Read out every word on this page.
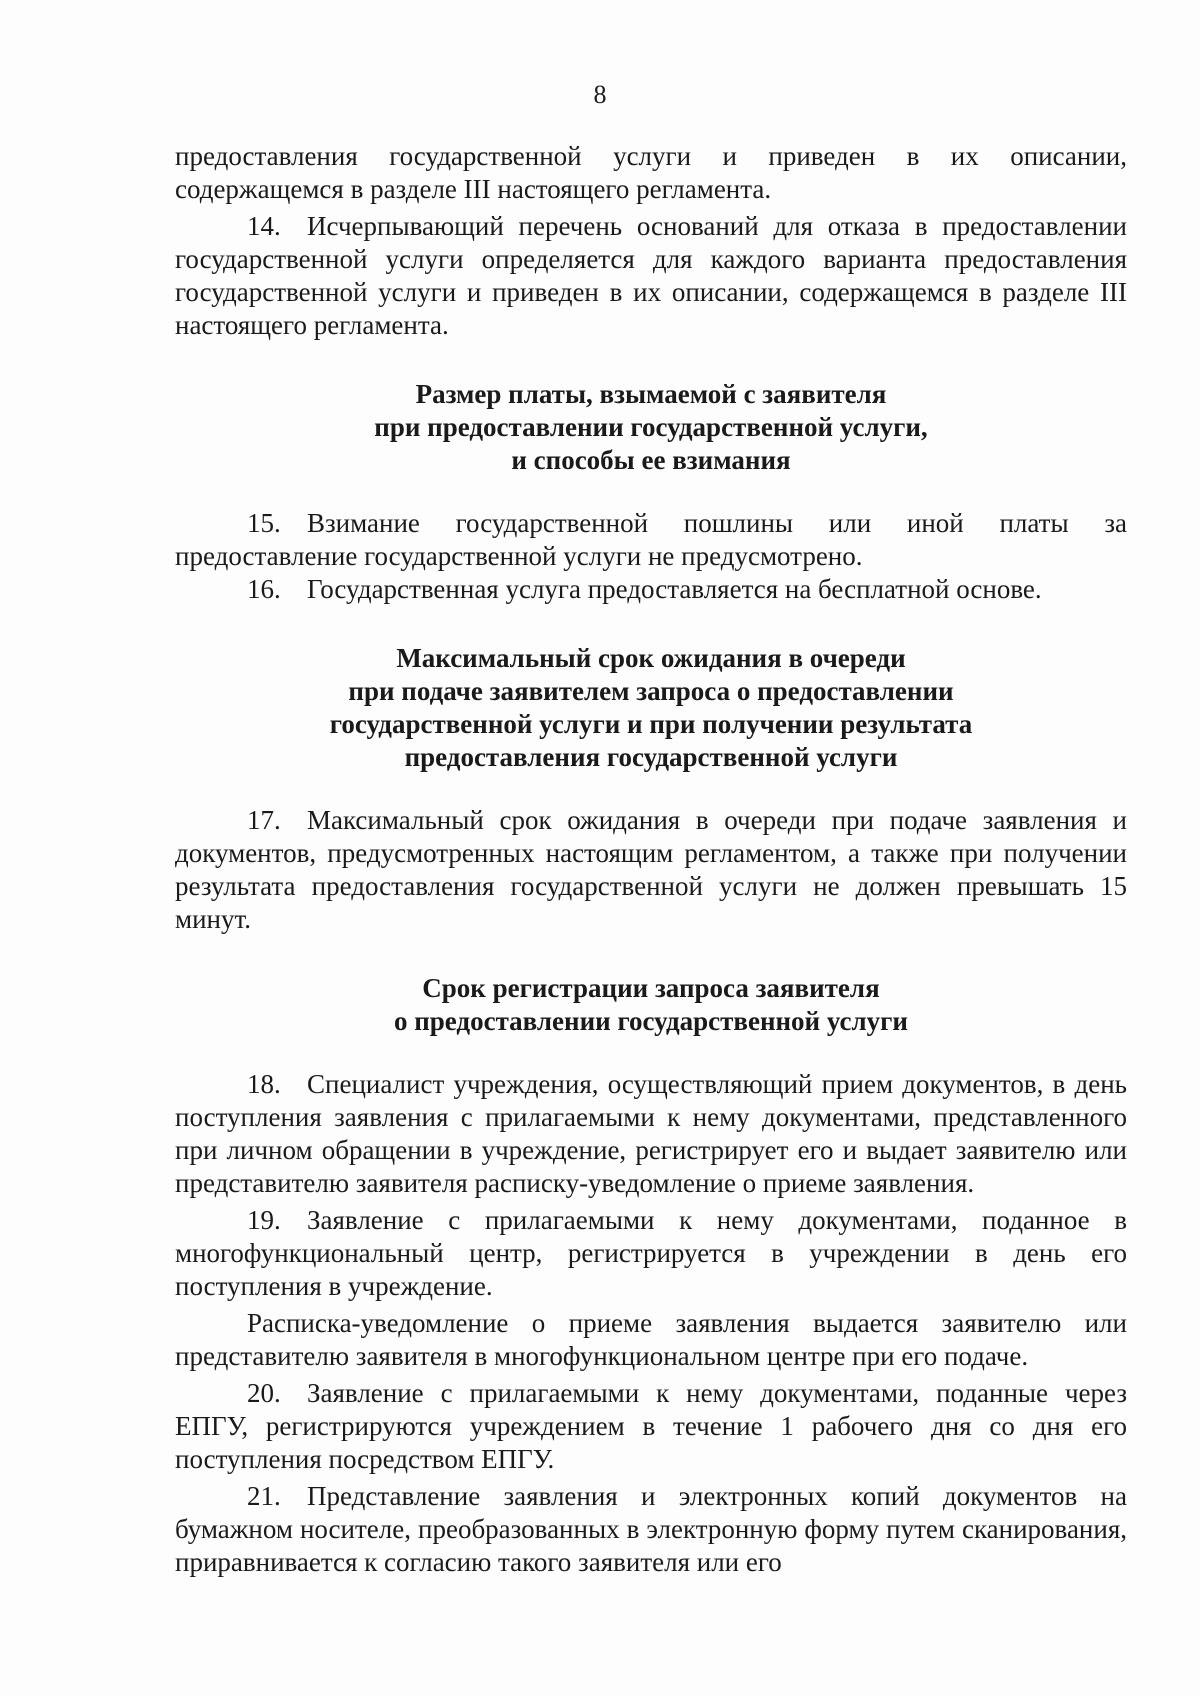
8

предоставления государственной услуги и приведен в их описании, содержащемся в разделе III настоящего регламента.

14. Исчерпывающий перечень оснований для отказа в предоставлении государственной услуги определяется для каждого варианта предоставления государственной услуги и приведен в их описании, содержащемся в разделе III настоящего регламента.

Размер платы, взымаемой с заявителя
при предоставлении государственной услуги,
и способы ее взимания

15. Взимание государственной пошлины или иной платы за предоставление государственной услуги не предусмотрено.

16. Государственная услуга предоставляется на бесплатной основе.

Максимальный срок ожидания в очереди
при подаче заявителем запроса о предоставлении
государственной услуги и при получении результата
предоставления государственной услуги

17. Максимальный срок ожидания в очереди при подаче заявления и документов, предусмотренных настоящим регламентом, а также при получении результата предоставления государственной услуги не должен превышать 15 минут.

Срок регистрации запроса заявителя
о предоставлении государственной услуги

18. Специалист учреждения, осуществляющий прием документов, в день поступления заявления с прилагаемыми к нему документами, представленного при личном обращении в учреждение, регистрирует его и выдает заявителю или представителю заявителя расписку-уведомление о приеме заявления.

19. Заявление с прилагаемыми к нему документами, поданное в многофункциональный центр, регистрируется в учреждении в день его поступления в учреждение.

Расписка-уведомление о приеме заявления выдается заявителю или представителю заявителя в многофункциональном центре при его подаче.

20. Заявление с прилагаемыми к нему документами, поданные через ЕПГУ, регистрируются учреждением в течение 1 рабочего дня со дня его поступления посредством ЕПГУ.

21. Представление заявления и электронных копий документов на бумажном носителе, преобразованных в электронную форму путем сканирования, приравнивается к согласию такого заявителя или его
